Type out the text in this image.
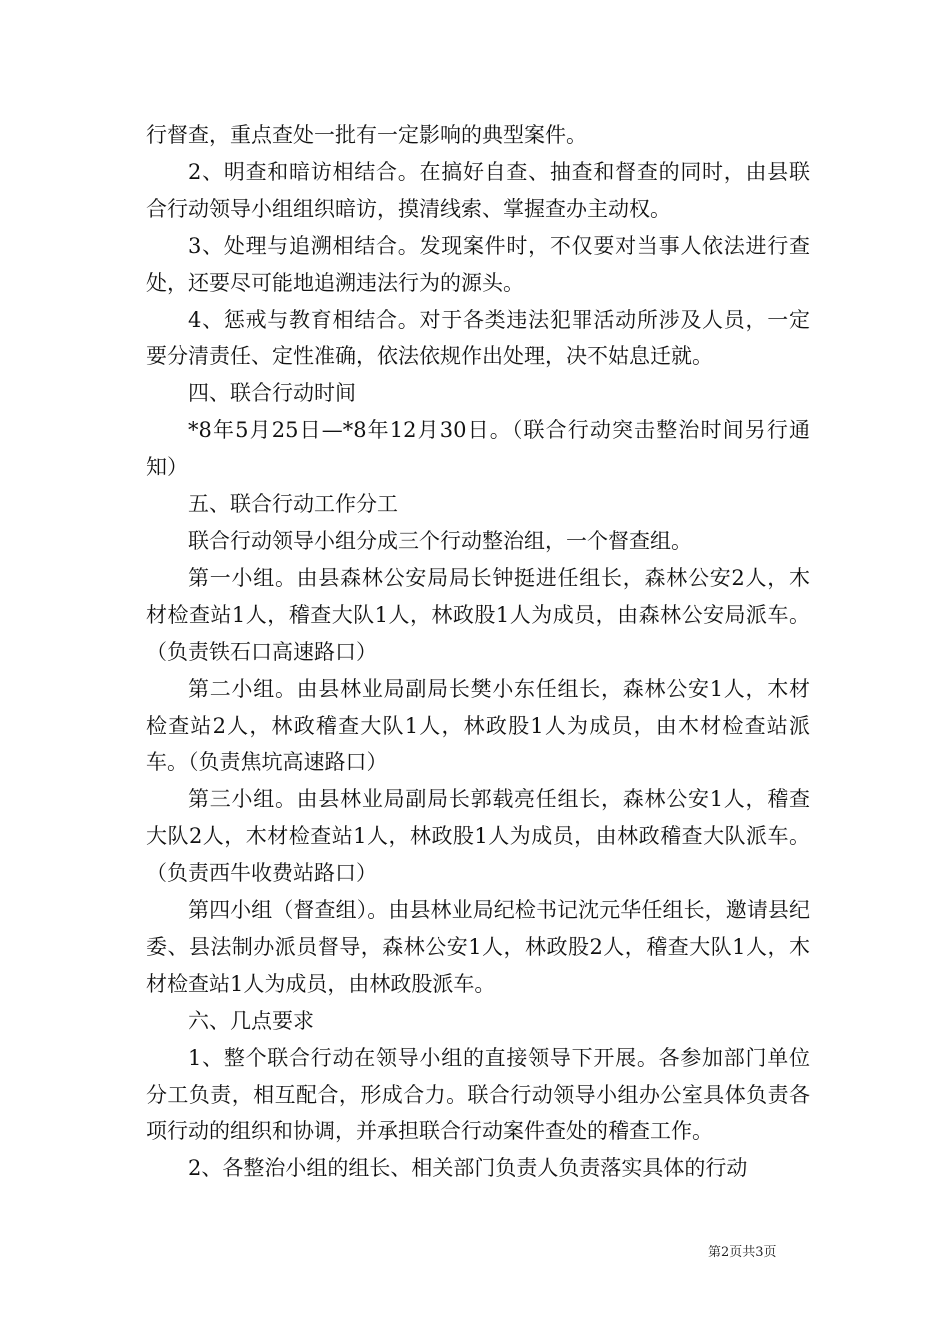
行督查，重点查处一批有一定影响的典型案件。

2、明查和暗访相结合。在搞好自查、抽查和督查的同时，由县联合行动领导小组组织暗访，摸清线索、掌握查办主动权。

3、处理与追溯相结合。发现案件时，不仅要对当事人依法进行查处，还要尽可能地追溯违法行为的源头。

4、惩戒与教育相结合。对于各类违法犯罪活动所涉及人员，一定要分清责任、定性准确，依法依规作出处理，决不姑息迁就。

四、联合行动时间

*8年5月25日—*8年12月30日。（联合行动突击整治时间另行通知）

五、联合行动工作分工

联合行动领导小组分成三个行动整治组，一个督查组。

第一小组。由县森林公安局局长钟挺进任组长，森林公安2人，木材检查站1人，稽查大队1人，林政股1人为成员，由森林公安局派车。（负责铁石口高速路口）

第二小组。由县林业局副局长樊小东任组长，森林公安1人，木材检查站2人，林政稽查大队1人，林政股1人为成员，由木材检查站派车。（负责焦坑高速路口）

第三小组。由县林业局副局长郭载亮任组长，森林公安1人，稽查大队2人，木材检查站1人，林政股1人为成员，由林政稽查大队派车。（负责西牛收费站路口）

第四小组（督查组）。由县林业局纪检书记沈元华任组长，邀请县纪委、县法制办派员督导，森林公安1人，林政股2人，稽查大队1人，木材检查站1人为成员，由林政股派车。

六、几点要求

1、整个联合行动在领导小组的直接领导下开展。各参加部门单位分工负责，相互配合，形成合力。联合行动领导小组办公室具体负责各项行动的组织和协调，并承担联合行动案件查处的稽查工作。

2、各整治小组的组长、相关部门负责人负责落实具体的行动

第2页共3页
